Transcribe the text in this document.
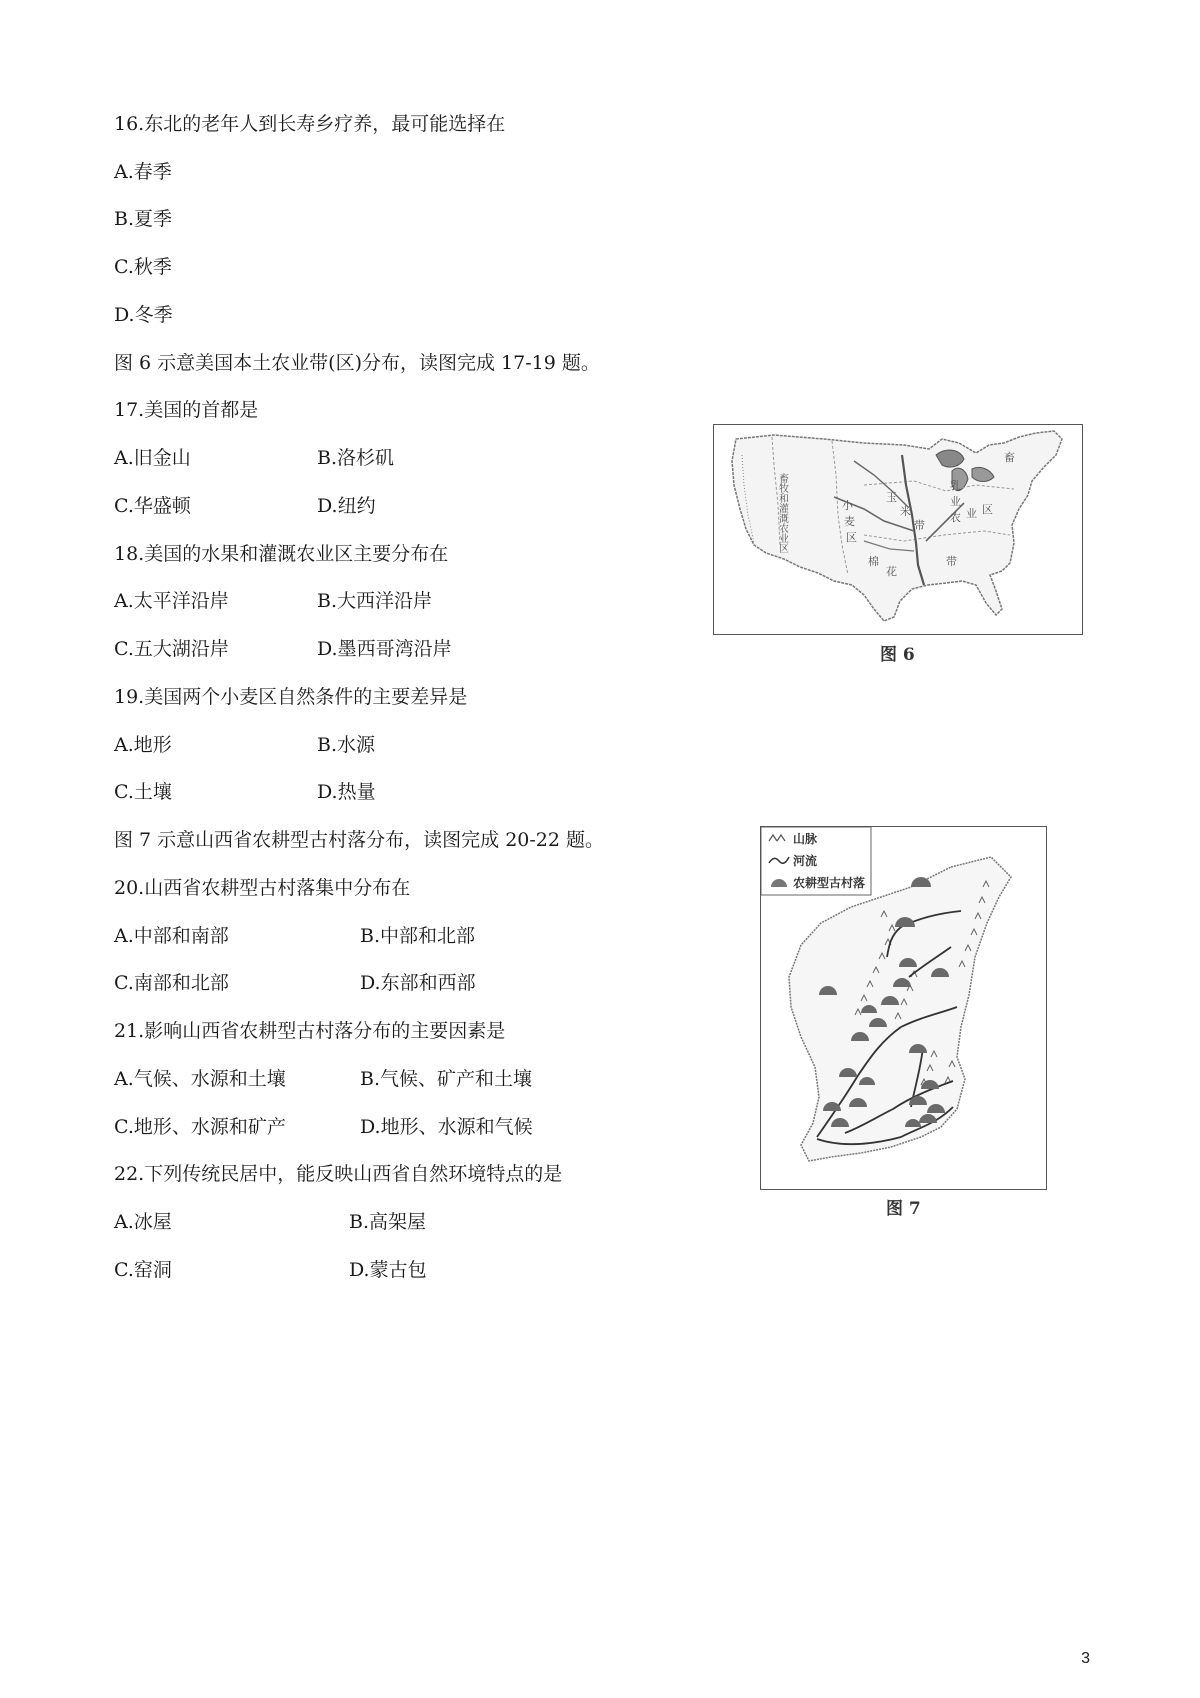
16.东北的老年人到长寿乡疗养，最可能选择在
A.春季
B.夏季
C.秋季
D.冬季
图 6 示意美国本土农业带(区)分布，读图完成 17-19 题。
17.美国的首都是
A.旧金山	B.洛杉矶
C.华盛顿	D.纽约
18.美国的水果和灌溉农业区主要分布在
A.太平洋沿岸	B.大西洋沿岸
C.五大湖沿岸	D.墨西哥湾沿岸
19.美国两个小麦区自然条件的主要差异是
A.地形	B.水源
C.土壤	D.热量
图 7 示意山西省农耕型古村落分布，读图完成 20-22 题。
20.山西省农耕型古村落集中分布在
A.中部和南部	B.中部和北部
C.南部和北部	D.东部和西部
21.影响山西省农耕型古村落分布的主要因素是
A.气候、水源和土壤	B.气候、矿产和土壤
C.地形、水源和矿产	D.地形、水源和气候
22.下列传统民居中，能反映山西省自然环境特点的是
A.冰屋	B.高架屋
C.窑洞	D.蒙古包
畜牧和灌溉农业区	乳
畜
小
麦
区
玉
米
带
农 业 区
棉
花
带
业
图 6
山脉
河流
农耕型古村落
图 7
3
